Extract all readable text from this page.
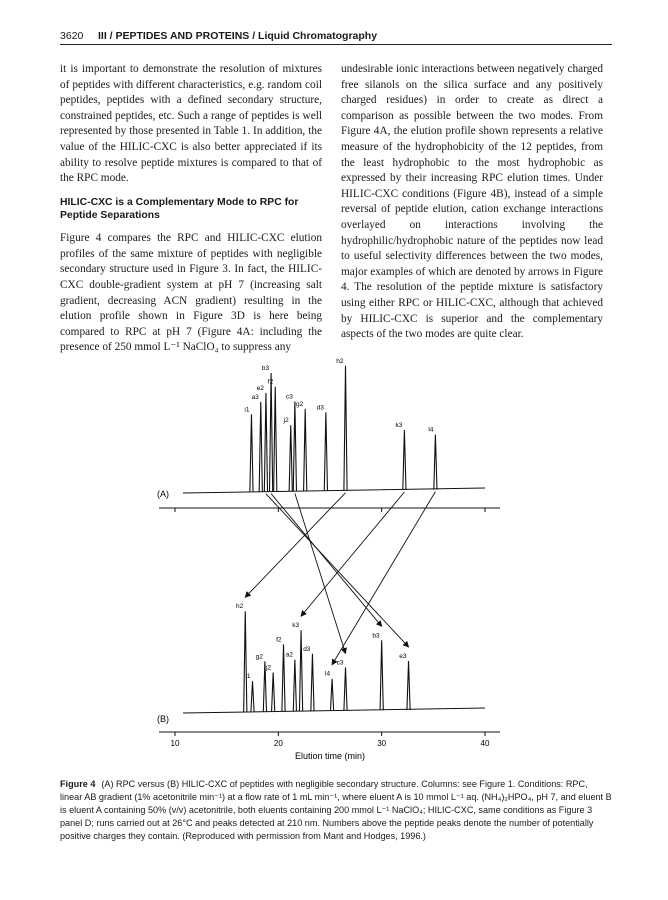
3620 III / PEPTIDES AND PROTEINS / Liquid Chromatography

it is important to demonstrate the resolution of mixtures of peptides with different characteristics, e.g. random coil peptides, peptides with a defined secondary structure, constrained peptides, etc. Such a range of peptides is well represented by those presented in Table 1. In addition, the value of the HILIC-CXC is also better appreciated if its ability to resolve peptide mixtures is compared to that of the RPC mode.

HILIC-CXC is a Complementary Mode to RPC for Peptide Separations

Figure 4 compares the RPC and HILIC-CXC elution profiles of the same mixture of peptides with negligible secondary structure used in Figure 3. In fact, the HILIC-CXC double-gradient system at pH 7 (increasing salt gradient, decreasing ACN gradient) resulting in the elution profile shown in Figure 3D is here being compared to RPC at pH 7 (Figure 4A: including the presence of 250 mmol L⁻¹ NaClO₄ to suppress any

undesirable ionic interactions between negatively charged free silanols on the silica surface and any positively charged residues) in order to create as direct a comparison as possible between the two modes. From Figure 4A, the elution profile shown represents a relative measure of the hydrophobicity of the 12 peptides, from the least hydrophobic to the most hydrophobic as expressed by their increasing RPC elution times. Under HILIC-CXC conditions (Figure 4B), instead of a simple reversal of peptide elution, cation exchange interactions overlayed on interactions involving the hydrophilic/hydrophobic nature of the peptides now lead to useful selectivity differences between the two modes, major examples of which are denoted by arrows in Figure 4. The resolution of the peptide mixture is satisfactory using either RPC or HILIC-CXC, although that achieved by HILIC-CXC is superior and the complementary aspects of the two modes are quite clear.

i1
a3
e2
b3
f2
j2
c3
g2 d3
h2
k3
l4
h2
i1
g2
j2
f2
a2
k3
d3
l4
c3
b3
e3
10	20	30	40
(A)
(B)
Elution time (min)
Figure 4 (A) RPC versus (B) HILIC-CXC of peptides with negligible secondary structure. Columns: see Figure 1. Conditions: RPC, linear AB gradient (1% acetonitrile min⁻¹) at a flow rate of 1 mL min⁻¹, where eluent A is 10 mmol L⁻¹ aq. (NH₄)₂HPO₄, pH 7, and eluent B is eluent A containing 50% (v/v) acetonitrile, both eluents containing 200 mmol L⁻¹ NaClO₄; HILIC-CXC, same conditions as Figure 3 panel D; runs carried out at 26°C and peaks detected at 210 nm. Numbers above the peptide peaks denote the number of potentially positive charges they contain. (Reproduced with permission from Mant and Hodges, 1996.)
